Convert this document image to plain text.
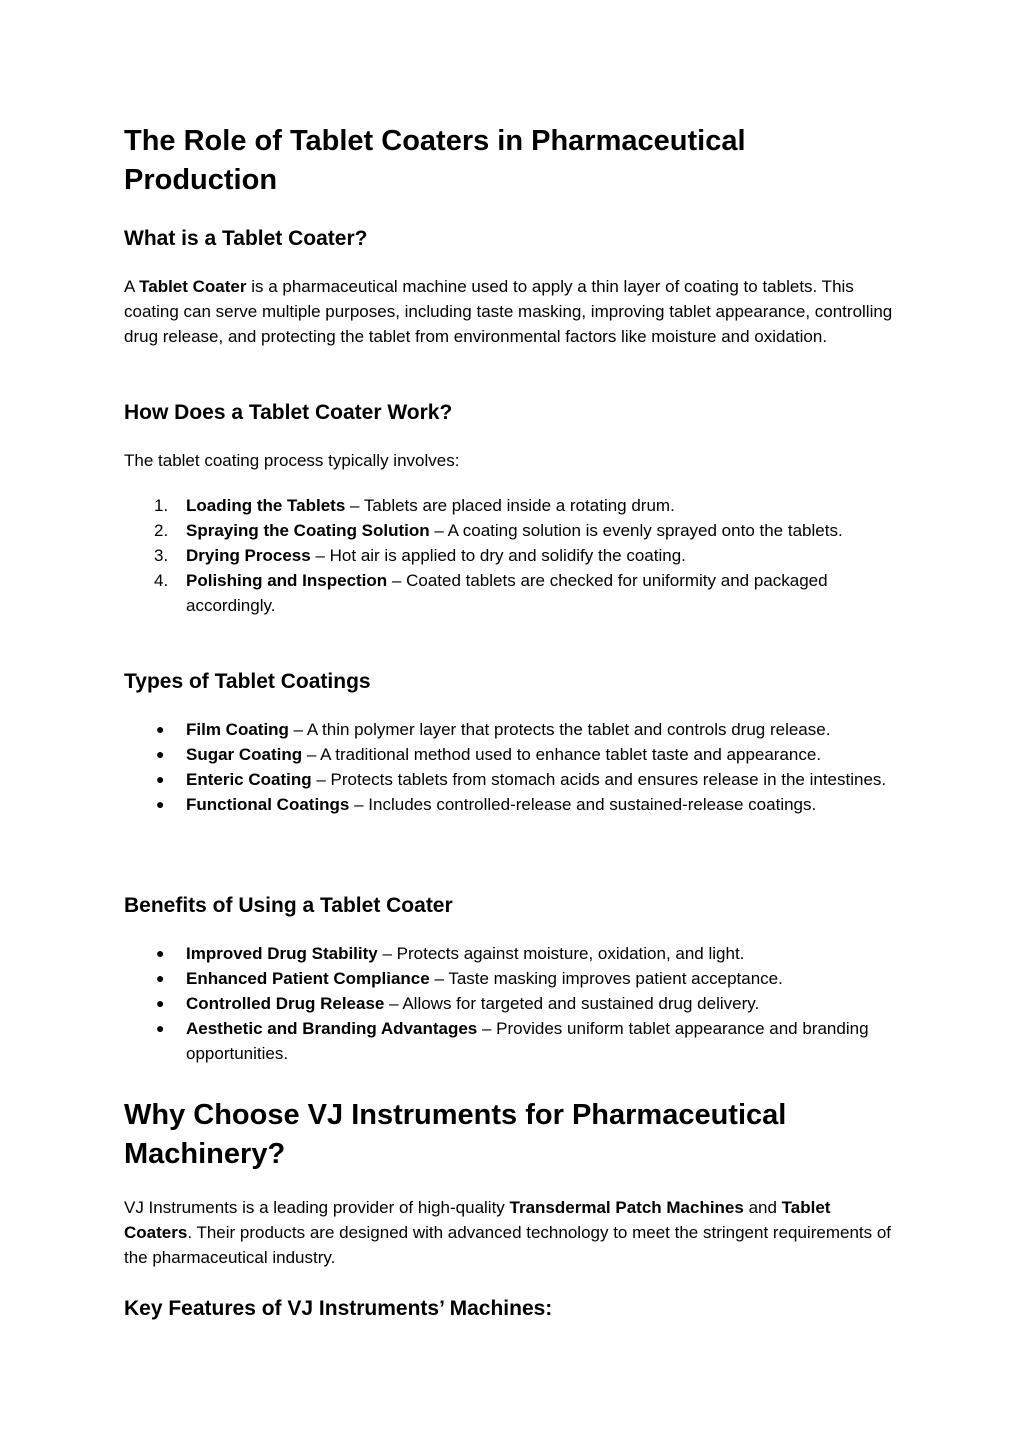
The Role of Tablet Coaters in Pharmaceutical Production
What is a Tablet Coater?

A Tablet Coater is a pharmaceutical machine used to apply a thin layer of coating to tablets. This coating can serve multiple purposes, including taste masking, improving tablet appearance, controlling drug release, and protecting the tablet from environmental factors like moisture and oxidation.

How Does a Tablet Coater Work?

The tablet coating process typically involves:

1.	Loading the Tablets – Tablets are placed inside a rotating drum.
2.	Spraying the Coating Solution – A coating solution is evenly sprayed onto the tablets.
3.	Drying Process – Hot air is applied to dry and solidify the coating.
4.	Polishing and Inspection – Coated tablets are checked for uniformity and packaged accordingly.
Types of Tablet Coatings
●	Film Coating – A thin polymer layer that protects the tablet and controls drug release.
●	Sugar Coating – A traditional method used to enhance tablet taste and appearance.
●	Enteric Coating – Protects tablets from stomach acids and ensures release in the intestines.
●	Functional Coatings – Includes controlled-release and sustained-release coatings.
Benefits of Using a Tablet Coater
●	Improved Drug Stability – Protects against moisture, oxidation, and light.
●	Enhanced Patient Compliance – Taste masking improves patient acceptance.
●	Controlled Drug Release – Allows for targeted and sustained drug delivery.
●	Aesthetic and Branding Advantages – Provides uniform tablet appearance and branding opportunities.
Why Choose VJ Instruments for Pharmaceutical Machinery?

VJ Instruments is a leading provider of high-quality Transdermal Patch Machines and Tablet Coaters. Their products are designed with advanced technology to meet the stringent requirements of the pharmaceutical industry.

Key Features of VJ Instruments’ Machines:
